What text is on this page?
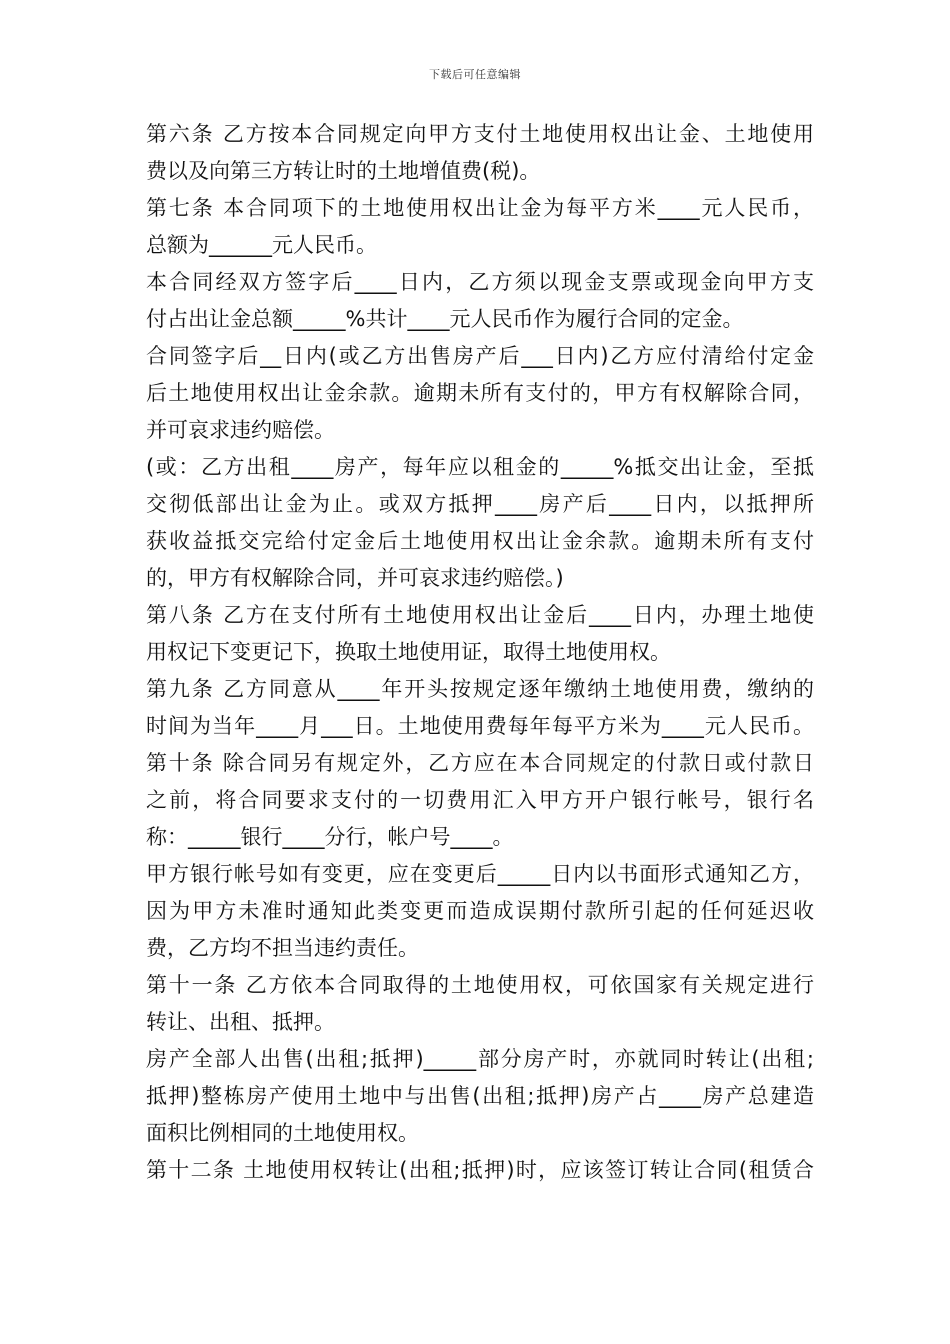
下载后可任意编辑
第六条 乙方按本合同规定向甲方支付土地使用权出让金、土地使用
费以及向第三方转让时的土地增值费(税)。
第七条 本合同项下的土地使用权出让金为每平方米____元人民币，
总额为______元人民币。
本合同经双方签字后____日内，乙方须以现金支票或现金向甲方支
付占出让金总额_____%共计____元人民币作为履行合同的定金。
合同签字后__日内(或乙方出售房产后___日内)乙方应付清给付定金
后土地使用权出让金余款。逾期未所有支付的，甲方有权解除合同，
并可哀求违约赔偿。
(或：乙方出租____房产，每年应以租金的_____%抵交出让金，至抵
交彻低部出让金为止。或双方抵押____房产后____日内，以抵押所
获收益抵交完给付定金后土地使用权出让金余款。逾期未所有支付
的，甲方有权解除合同，并可哀求违约赔偿。)
第八条 乙方在支付所有土地使用权出让金后____日内，办理土地使
用权记下变更记下，换取土地使用证，取得土地使用权。
第九条 乙方同意从____年开头按规定逐年缴纳土地使用费，缴纳的
时间为当年____月___日。土地使用费每年每平方米为____元人民币。
第十条 除合同另有规定外，乙方应在本合同规定的付款日或付款日
之前，将合同要求支付的一切费用汇入甲方开户银行帐号，银行名
称：_____银行____分行，帐户号____。
甲方银行帐号如有变更，应在变更后_____日内以书面形式通知乙方，
因为甲方未准时通知此类变更而造成误期付款所引起的任何延迟收
费，乙方均不担当违约责任。
第十一条 乙方依本合同取得的土地使用权，可依国家有关规定进行
转让、出租、抵押。
房产全部人出售(出租;抵押)_____部分房产时，亦就同时转让(出租;
抵押)整栋房产使用土地中与出售(出租;抵押)房产占____房产总建造
面积比例相同的土地使用权。
第十二条 土地使用权转让(出租;抵押)时，应该签订转让合同(租赁合
